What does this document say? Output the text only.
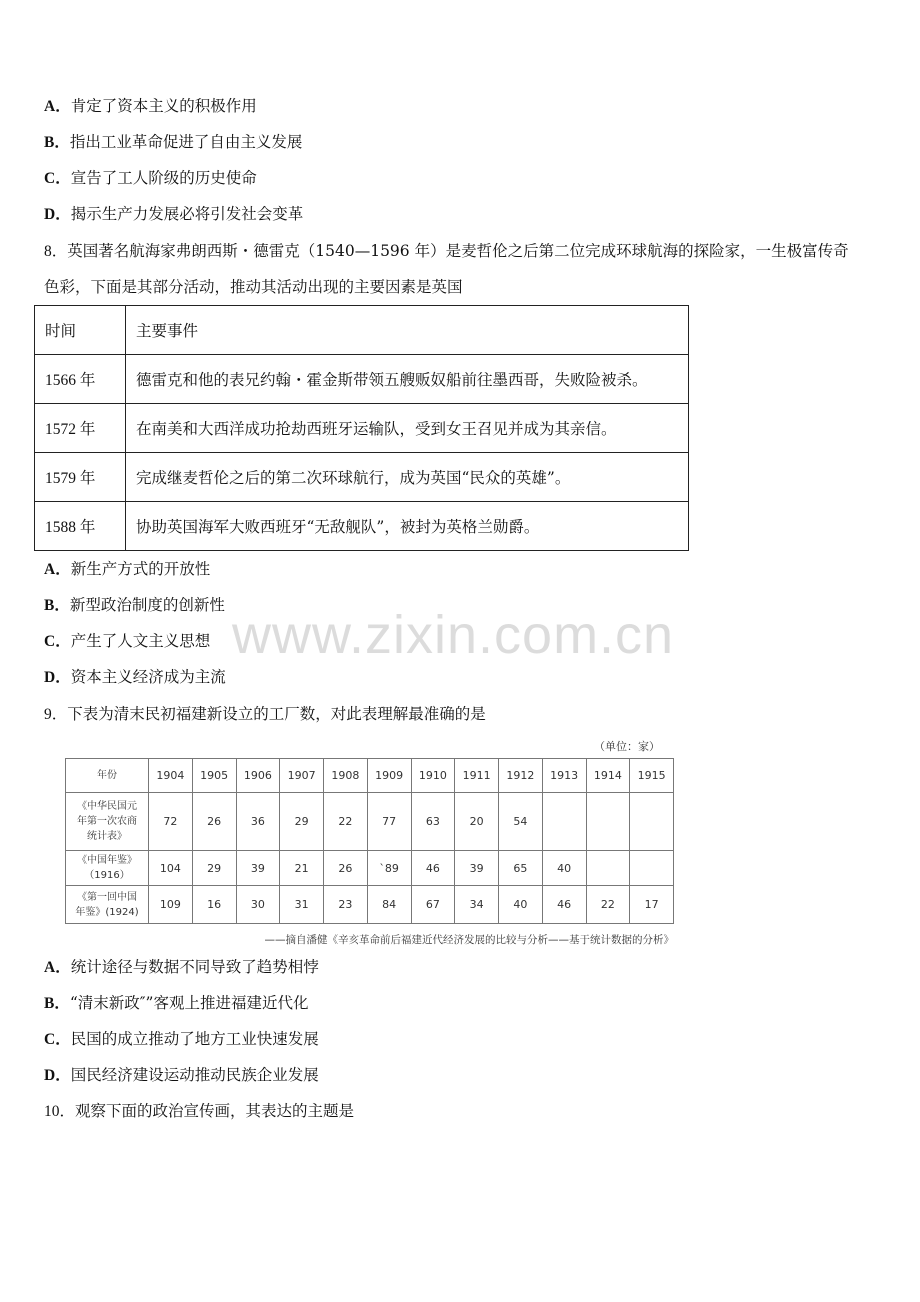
A．肯定了资本主义的积极作用
B．指出工业革命促进了自由主义发展
C．宣告了工人阶级的历史使命
D．揭示生产力发展必将引发社会变革
8．英国著名航海家弗朗西斯・德雷克（1540—1596 年）是麦哲伦之后第二位完成环球航海的探险家，一生极富传奇
色彩，下面是其部分活动，推动其活动出现的主要因素是英国
时间	主要事件
1566 年	德雷克和他的表兄约翰・霍金斯带领五艘贩奴船前往墨西哥，失败险被杀。
1572 年	在南美和大西洋成功抢劫西班牙运输队，受到女王召见并成为其亲信。
1579 年	完成继麦哲伦之后的第二次环球航行，成为英国“民众的英雄”。
1588 年	协助英国海军大败西班牙“无敌舰队”，被封为英格兰勋爵。
A．新生产方式的开放性
B．新型政治制度的创新性
C．产生了人文主义思想
D．资本主义经济成为主流
www.zixin.com.cn
9．下表为清末民初福建新设立的工厂数，对此表理解最准确的是
（单位：家）
年份	1904	1905	1906	1907	1908	1909	1910	1911	1912	1913	1914	1915

《中华民国元
年第一次农商
统计表》	72	26	36	29	22	77	63	20	54			

《中国年鉴》
（1916）	104	29	39	21	26	`89	46	39	65	40		

《第一回中国
年鉴》(1924)	109	16	30	31	23	84	67	34	40	46	22	17
——摘自潘健《辛亥革命前后福建近代经济发展的比较与分析——基于统计数据的分析》
A．统计途径与数据不同导致了趋势相悖
B．“清末新政″”客观上推进福建近代化
C．民国的成立推动了地方工业快速发展
D．国民经济建设运动推动民族企业发展
10．观察下面的政治宣传画，其表达的主题是
